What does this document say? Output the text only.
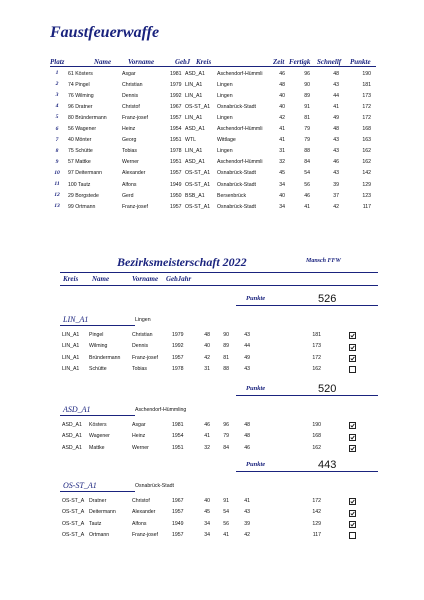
Faustfeuerwaffe
Platz	Name Vorname	GebJ Kreis	Zeit Fertigk Schnellf Punkte
1	61 Kösters	Asgar	1981 ASD_A1 Aschendorf-Hümmli	46	96	48	190
2	74 Pingel	Christian	1979 LIN_A1	Lingen	48	90	43	181
3	76 Wilming	Dennis	1992 LIN_A1	Lingen	40	89	44	173
4	96 Dratner	Christof	1967 OS-ST_A1 Osnabrück-Stadt	40	91	41	172
5	80 Bründermann	Franz-josef	1957 LIN_A1	Lingen	42	81	49	172
6	56 Wagener	Heinz	1954 ASD_A1 Aschendorf-Hümmli	41	79	48	168
7	40 Mönter	Georg	1951 WTL	Wittlage	41	79	43	163
8	75 Schütte	Tobias	1978 LIN_A1	Lingen	31	88	43	162
9	57 Mattke	Werner	1951 ASD_A1 Aschendorf-Hümmli	32	84	46	162
10	97 Deitermann	Alexander	1957 OS-ST_A1 Osnabrück-Stadt	45	54	43	142
11	100 Tautz	Alfons	1949 OS-ST_A1 Osnabrück-Stadt	34	56	39	129
12	29 Borgstede	Gerd	1950 BSB_A1 Bersenbrück	40	46	37	123
13	99 Ortmann	Franz-josef	1957 OS-ST_A1 Osnabrück-Stadt	34	41	42	117
Bezirksmeisterschaft 2022	Mansch FFW
Kreis Name	Vorname GebJahr
Punkte	526
LIN_A1	Lingen
LIN_A1 Pingel	Christian	1979	48	90	43	181
LIN_A1 Wilming	Dennis	1992	40	89	44	173
LIN_A1 Bründermann Franz-josef	1957	42	81	49	172
LIN_A1 Schütte	Tobias	1978	31	88	43	162
Punkte	520
ASD_A1	Aschendorf-Hümmling
ASD_A1 Kösters	Asgar	1981	46	96	48	190
ASD_A1 Wagener	Heinz	1954	41	79	48	168
ASD_A1 Mattke	Werner	1951	32	84	46	162
Punkte	443
OS-ST_A1	Osnabrück-Stadt
OS-ST_A Dratner	Christof	1967	40	91	41	172
OS-ST_A Deitermann	Alexander	1957	45	54	43	142
OS-ST_A Tautz	Alfons	1949	34	56	39	129
OS-ST_A Ortmann	Franz-josef	1957	34	41	42	117
